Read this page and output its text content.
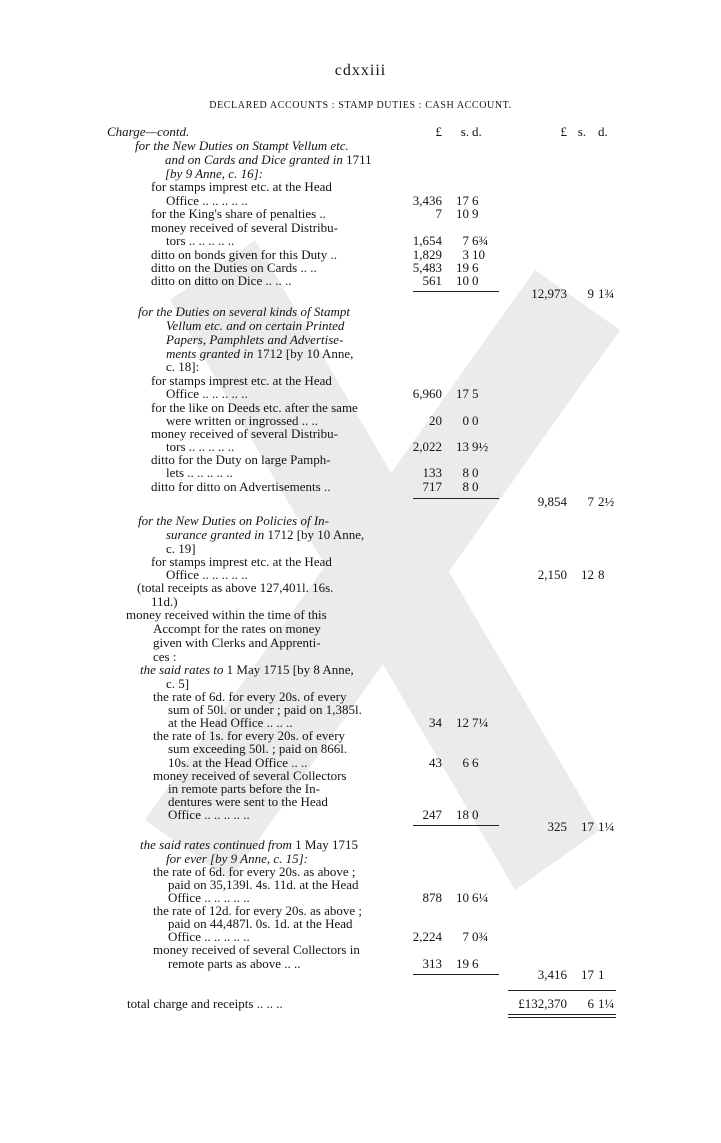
cdxxiii
DECLARED ACCOUNTS : STAMP DUTIES : CASH ACCOUNT.
Charge—contd.	£	s. d.	£ s. d.
for the New Duties on Stampt Vellum etc.
and on Cards and Dice granted in 1711
[by 9 Anne, c. 16]:
for stamps imprest etc. at the Head
Office .. .. .. .. ..	3,436	17 6
for the King's share of penalties ..	7	10 9
money received of several Distribu-
tors .. .. .. .. ..	1,654	7 6¾
ditto on bonds given for this Duty ..	1,829	3 10
ditto on the Duties on Cards .. ..	5,483	19 6
ditto on ditto on Dice .. .. ..	561	10 0
12,973	9 1¾
for the Duties on several kinds of Stampt
Vellum etc. and on certain Printed
Papers, Pamphlets and Advertise-
ments granted in 1712 [by 10 Anne,
c. 18]:
for stamps imprest etc. at the Head
Office .. .. .. .. ..	6,960	17 5
for the like on Deeds etc. after the same
were written or ingrossed .. ..	20	0 0
money received of several Distribu-
tors .. .. .. .. ..	2,022	13 9½
ditto for the Duty on large Pamph-
lets .. .. .. .. ..	133	8 0
ditto for ditto on Advertisements ..	717	8 0
9,854	7 2½
for the New Duties on Policies of In-
surance granted in 1712 [by 10 Anne,
c. 19]
for stamps imprest etc. at the Head
Office .. .. .. .. ..	2,150	12 8
(total receipts as above 127,401l. 16s.
11d.)
money received within the time of this
Accompt for the rates on money
given with Clerks and Apprenti-
ces :
the said rates to 1 May 1715 [by 8 Anne,
c. 5]
the rate of 6d. for every 20s. of every
sum of 50l. or under ; paid on 1,385l.
at the Head Office .. .. ..	34	12 7¼
the rate of 1s. for every 20s. of every
sum exceeding 50l. ; paid on 866l.
10s. at the Head Office .. ..	43	6 6
money received of several Collectors
in remote parts before the In-
dentures were sent to the Head
Office .. .. .. .. ..	247	18 0
325	17 1¼
the said rates continued from 1 May 1715
for ever [by 9 Anne, c. 15]:
the rate of 6d. for every 20s. as above ;
paid on 35,139l. 4s. 11d. at the Head
Office .. .. .. .. ..	878	10 6¼
the rate of 12d. for every 20s. as above ;
paid on 44,487l. 0s. 1d. at the Head
Office .. .. .. .. ..	2,224	7 0¾
money received of several Collectors in
remote parts as above .. ..	313	19 6
3,416	17 1
total charge and receipts .. .. ..	£132,370	6 1¼
